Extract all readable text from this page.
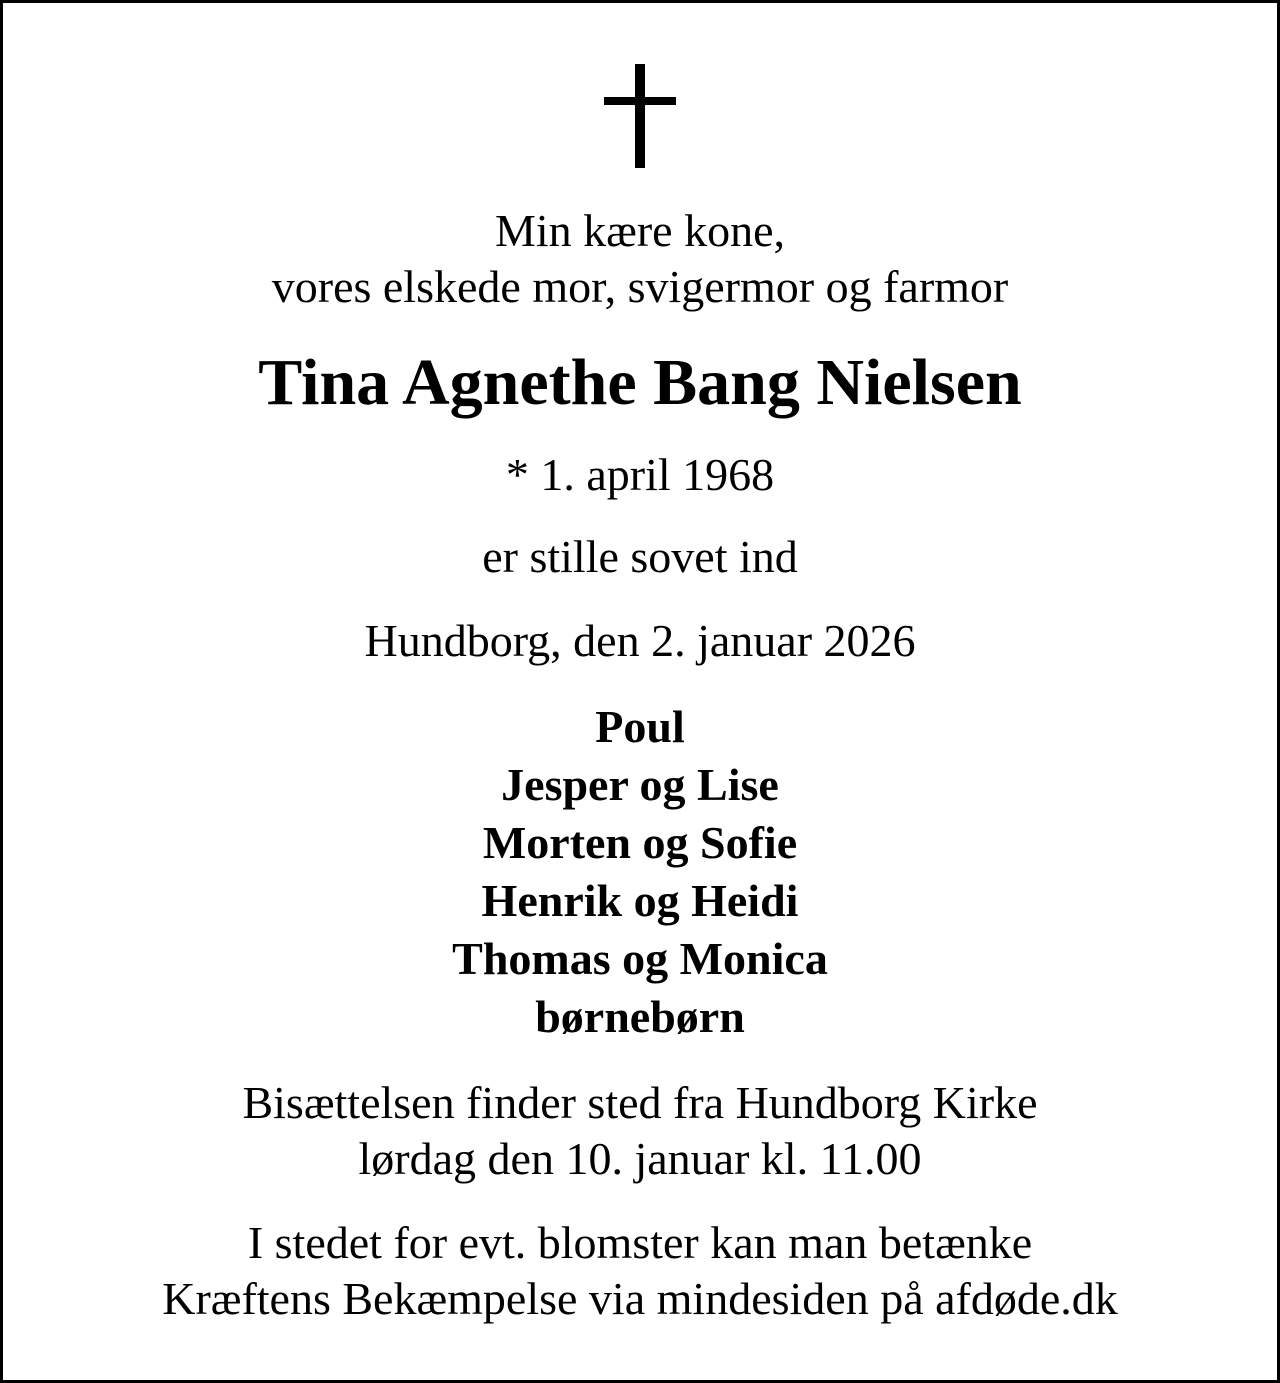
Min kære kone,
vores elskede mor, svigermor og farmor
Tina Agnethe Bang Nielsen
* 1. april 1968
er stille sovet ind
Hundborg, den 2. januar 2026
Poul
Jesper og Lise
Morten og Sofie
Henrik og Heidi
Thomas og Monica
børnebørn
Bisættelsen finder sted fra Hundborg Kirke
lørdag den 10. januar kl. 11.00
I stedet for evt. blomster kan man betænke
Kræftens Bekæmpelse via mindesiden på afdøde.dk
